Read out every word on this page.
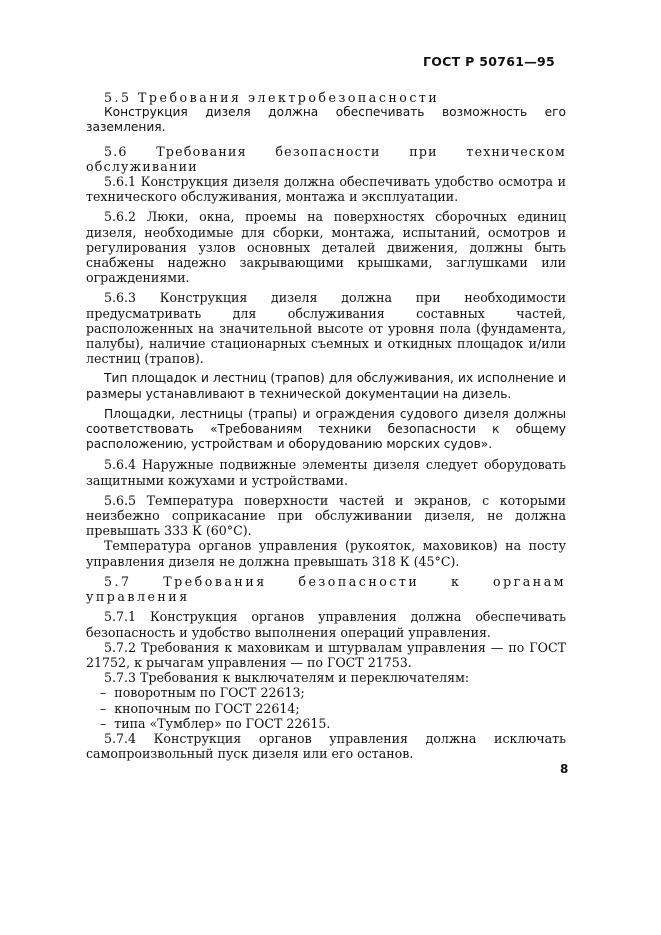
ГОСТ Р 50761—95

5.5 Требования электробезопасности

Конструкция дизеля должна обеспечивать возможность его заземления.

5.6 Требования безопасности при техническом обслуживании

5.6.1 Конструкция дизеля должна обеспечивать удобство осмотра и технического обслуживания, монтажа и эксплуатации.

5.6.2 Люки, окна, проемы на поверхностях сборочных единиц дизеля, необходимые для сборки, монтажа, испытаний, осмотров и регулирования узлов основных деталей движения, должны быть снабжены надежно закрывающими крышками, заглушками или ограждениями.

5.6.3 Конструкция дизеля должна при необходимости предусматривать для обслуживания составных частей, расположенных на значительной высоте от уровня пола (фундамента, палубы), наличие стационарных съемных и откидных площадок и/или лестниц (трапов).

Тип площадок и лестниц (трапов) для обслуживания, их исполнение и размеры устанавливают в технической документации на дизель.

Площадки, лестницы (трапы) и ограждения судового дизеля должны соответствовать «Требованиям техники безопасности к общему расположению, устройствам и оборудованию морских судов».

5.6.4 Наружные подвижные элементы дизеля следует оборудовать защитными кожухами и устройствами.

5.6.5 Температура поверхности частей и экранов, с которыми неизбежно соприкасание при обслуживании дизеля, не должна превышать 333 К (60°С).

Температура органов управления (рукояток, маховиков) на посту управления дизеля не должна превышать 318 К (45°С).

5.7 Требования безопасности к органам управления

5.7.1 Конструкция органов управления должна обеспечивать безопасность и удобство выполнения операций управления.

5.7.2 Требования к маховикам и штурвалам управления — по ГОСТ 21752, к рычагам управления — по ГОСТ 21753.

5.7.3 Требования к выключателям и переключателям:

– поворотным по ГОСТ 22613;
– кнопочным по ГОСТ 22614;
– типа «Тумблер» по ГОСТ 22615.

5.7.4 Конструкция органов управления должна исключать самопроизвольный пуск дизеля или его останов.

8
